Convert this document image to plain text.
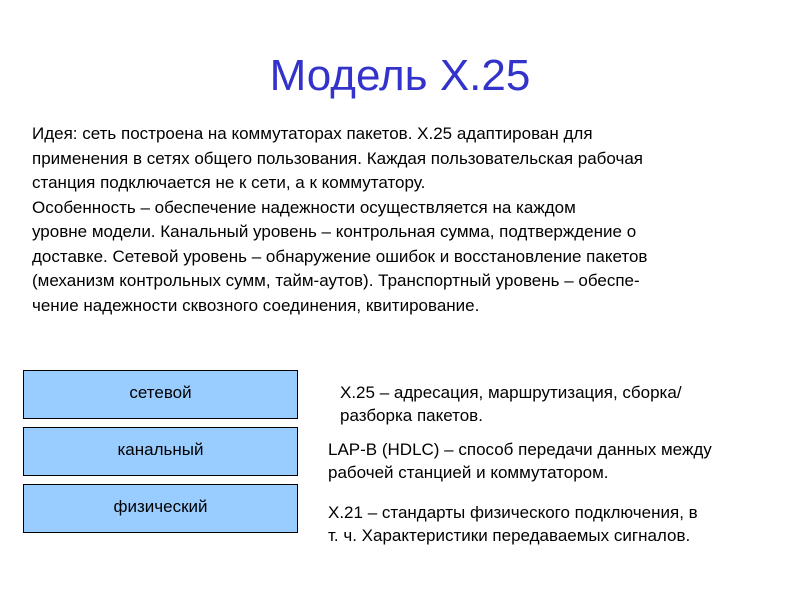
Модель Х.25
Идея: сеть построена на коммутаторах пакетов. Х.25 адаптирован для
применения в сетях общего пользования. Каждая пользовательская рабочая
станция подключается не к сети, а к коммутатору.
Особенность – обеспечение надежности осуществляется на каждом
уровне модели. Канальный уровень – контрольная сумма, подтверждение о
доставке. Сетевой уровень – обнаружение ошибок и восстановление пакетов
(механизм контрольных сумм, тайм-аутов). Транспортный уровень – обеспе-
чение надежности сквозного соединения, квитирование.
сетевой
канальный
физический
Х.25 – адресация, маршрутизация, сборка/
разборка пакетов.
LAP-B (HDLC) – способ передачи данных между
рабочей станцией и коммутатором.
Х.21 – стандарты физического подключения, в
т. ч. Характеристики передаваемых сигналов.
